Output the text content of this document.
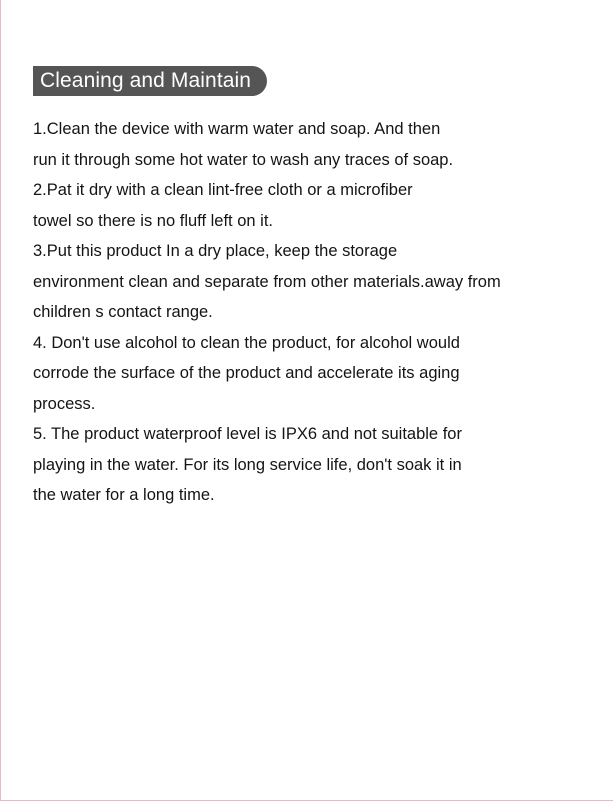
Cleaning and Maintain

1.Clean the device with warm water and soap. And then

run it through some hot water to wash any traces of soap.

2.Pat it dry with a clean lint-free cloth or a microfiber

towel so there is no fluff left on it.

3.Put this product In a dry place, keep the storage

environment clean and separate from other materials.away from

children s contact range.

4. Don't use alcohol to clean the product, for alcohol would

corrode the surface of the product and accelerate its aging

process.

5. The product waterproof level is IPX6 and not suitable for

playing in the water. For its long service life, don't soak it in

the water for a long time.
